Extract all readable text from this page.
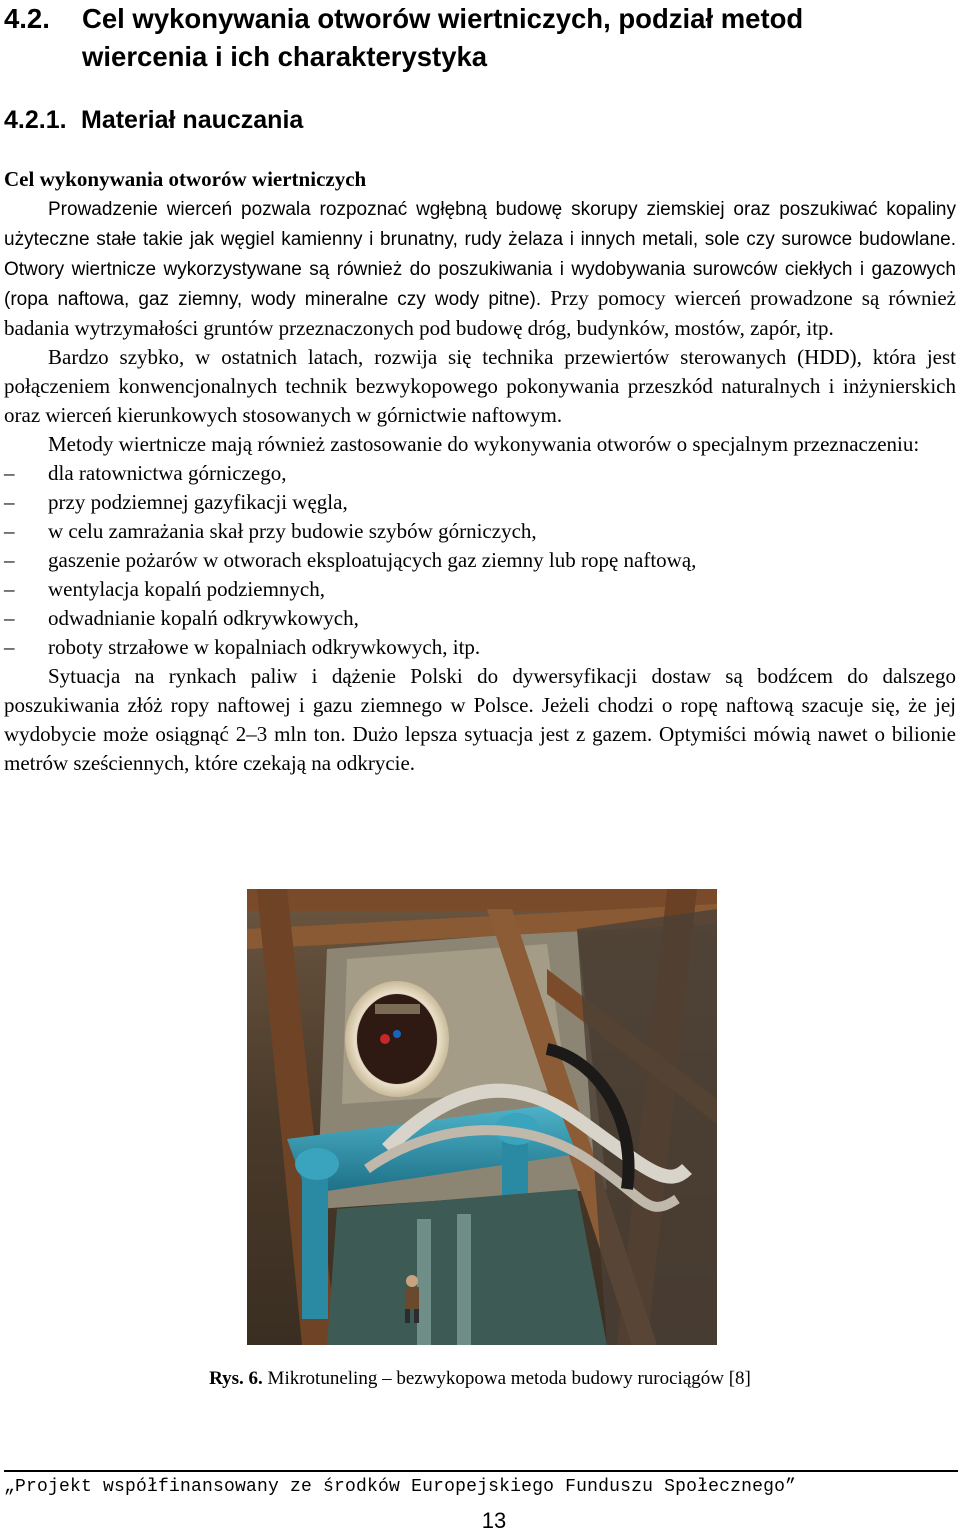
4.2. Cel wykonywania otworów wiertniczych, podział metod
wiercenia i ich charakterystyka
4.2.1. Materiał nauczania

Cel wykonywania otworów wiertniczych

Prowadzenie wierceń pozwala rozpoznać wgłębną budowę skorupy ziemskiej oraz poszukiwać kopaliny użyteczne stałe takie jak węgiel kamienny i brunatny, rudy żelaza i innych metali, sole czy surowce budowlane. Otwory wiertnicze wykorzystywane są również do poszukiwania i wydobywania surowców ciekłych i gazowych (ropa naftowa, gaz ziemny, wody mineralne czy wody pitne). Przy pomocy wierceń prowadzone są również badania wytrzymałości gruntów przeznaczonych pod budowę dróg, budynków, mostów, zapór, itp.

Bardzo szybko, w ostatnich latach, rozwija się technika przewiertów sterowanych (HDD), która jest połączeniem konwencjonalnych technik bezwykopowego pokonywania przeszkód naturalnych i inżynierskich oraz wierceń kierunkowych stosowanych w górnictwie naftowym.

Metody wiertnicze mają również zastosowanie do wykonywania otworów o specjalnym przeznaczeniu:

– dla ratownictwa górniczego,
– przy podziemnej gazyfikacji węgla,
– w celu zamrażania skał przy budowie szybów górniczych,
– gaszenie pożarów w otworach eksploatujących gaz ziemny lub ropę naftową,
– wentylacja kopalń podziemnych,
– odwadnianie kopalń odkrywkowych,
– roboty strzałowe w kopalniach odkrywkowych, itp.

Sytuacja na rynkach paliw i dążenie Polski do dywersyfikacji dostaw są bodźcem do dalszego poszukiwania złóż ropy naftowej i gazu ziemnego w Polsce. Jeżeli chodzi o ropę naftową szacuje się, że jej wydobycie może osiągnąć 2–3 mln ton. Dużo lepsza sytuacja jest z gazem. Optymiści mówią nawet o bilionie metrów sześciennych, które czekają na odkrycie.

Rys. 6. Mikrotuneling – bezwykopowa metoda budowy rurociągów [8]
„Projekt współfinansowany ze środków Europejskiego Funduszu Społecznego”
13
